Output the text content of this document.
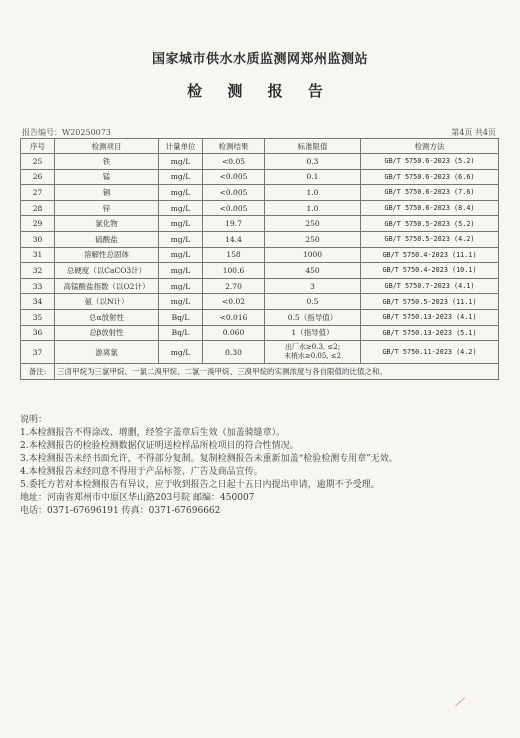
国家城市供水水质监测网郑州监测站
检 测 报 告
报告编号：W20250073	第4页 共4页
序号	检测项目	计量单位	检测结果	标准限值	检测方法
25	铁	mg/L	<0.05	0.3	GB/T 5750.6-2023 (5.2)
26	锰	mg/L	<0.005	0.1	GB/T 5750.6-2023 (6.6)
27	铜	mg/L	<0.005	1.0	GB/T 5750.6-2023 (7.6)
28	锌	mg/L	<0.005	1.0	GB/T 5750.6-2023 (8.4)
29	氯化物	mg/L	19.7	250	GB/T 5750.5-2023 (5.2)
30	硫酸盐	mg/L	14.4	250	GB/T 5750.5-2023 (4.2)
31	溶解性总固体	mg/L	158	1000	GB/T 5750.4-2023 (11.1)
32	总硬度（以CaCO3计）	mg/L	100.6	450	GB/T 5750.4-2023 (10.1)
33	高锰酸盐指数（以O2计）	mg/L	2.70	3	GB/T 5750.7-2023 (4.1)
34	氨（以N计）	mg/L	<0.02	0.5	GB/T 5750.5-2023 (11.1)
35	总α放射性	Bq/L	<0.016	0.5（指导值）	GB/T 5750.13-2023 (4.1)
36	总β放射性	Bq/L	0.060	1（指导值）	GB/T 5750.13-2023 (5.1)
37	游离氯	mg/L	0.30	出厂水≥0.3, ≤2;
末梢水≥0.05, ≤2	GB/T 5750.11-2023 (4.2)
备注:	三卤甲烷为三氯甲烷、一氯二溴甲烷、二氯一溴甲烷、三溴甲烷的实测浓度与各自限值的比值之和。				
说明：
1.本检测报告不得涂改、增删，经签字盖章后生效（加盖骑缝章）。
2.本检测报告的检验检测数据仅证明送检样品所检项目的符合性情况。
3.本检测报告未经书面允许，不得部分复制。复制检测报告未重新加盖“检验检测专用章”无效。
4.本检测报告未经同意不得用于产品标签、广告及商品宣传。
5.委托方若对本检测报告有异议，应于收到报告之日起十五日内提出申请，逾期不予受理。
地址：河南省郑州市中原区华山路203号院 邮编：450007
电话：0371-67696191 传真：0371-67696662
